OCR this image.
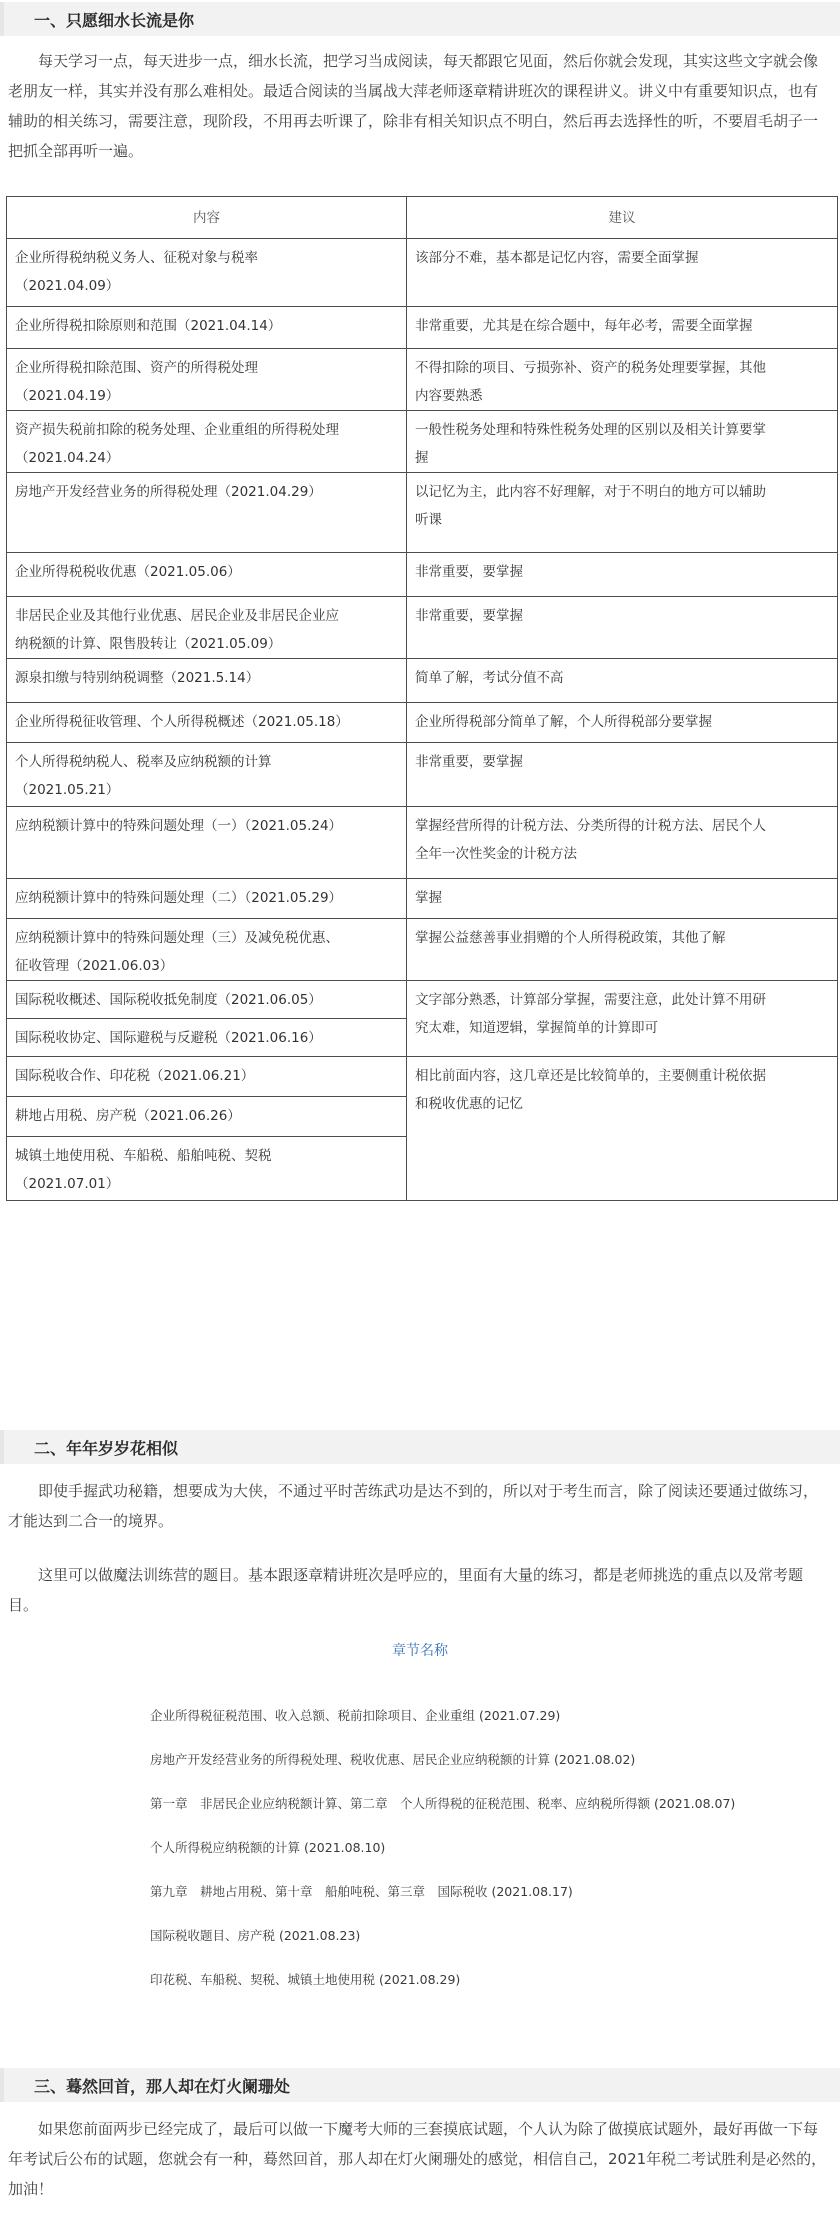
一、只愿细水长流是你

每天学习一点，每天进步一点，细水长流，把学习当成阅读，每天都跟它见面，然后你就会发现，其实这些文字就会像老朋友一样，其实并没有那么难相处。最适合阅读的当属战大萍老师逐章精讲班次的课程讲义。讲义中有重要知识点，也有辅助的相关练习，需要注意，现阶段，不用再去听课了，除非有相关知识点不明白，然后再去选择性的听，不要眉毛胡子一把抓全部再听一遍。

内容	建议

企业所得税纳税义务人、征税对象与税率
（2021.04.09）	该部分不难，基本都是记忆内容，需要全面掌握

企业所得税扣除原则和范围（2021.04.14）	非常重要，尤其是在综合题中，每年必考，需要全面掌握

企业所得税扣除范围、资产的所得税处理
（2021.04.19）	不得扣除的项目、亏损弥补、资产的税务处理要掌握，其他
内容要熟悉

资产损失税前扣除的税务处理、企业重组的所得税处理
（2021.04.24）	一般性税务处理和特殊性税务处理的区别以及相关计算要掌
握

房地产开发经营业务的所得税处理（2021.04.29）	以记忆为主，此内容不好理解，对于不明白的地方可以辅助
听课

企业所得税税收优惠（2021.05.06）	非常重要，要掌握

非居民企业及其他行业优惠、居民企业及非居民企业应
纳税额的计算、限售股转让（2021.05.09）	非常重要，要掌握

源泉扣缴与特别纳税调整（2021.5.14）	简单了解，考试分值不高

企业所得税征收管理、个人所得税概述（2021.05.18）	企业所得税部分简单了解，个人所得税部分要掌握

个人所得税纳税人、税率及应纳税额的计算
（2021.05.21）	非常重要，要掌握

应纳税额计算中的特殊问题处理（一）（2021.05.24）	掌握经营所得的计税方法、分类所得的计税方法、居民个人
全年一次性奖金的计税方法

应纳税额计算中的特殊问题处理（二）（2021.05.29）	掌握

应纳税额计算中的特殊问题处理（三）及减免税优惠、
征收管理（2021.06.03）	掌握公益慈善事业捐赠的个人所得税政策，其他了解

国际税收概述、国际税收抵免制度（2021.06.05）	文字部分熟悉，计算部分掌握，需要注意，此处计算不用研
究太难，知道逻辑，掌握简单的计算即可

国际税收协定、国际避税与反避税（2021.06.16）	

国际税收合作、印花税（2021.06.21）	相比前面内容，这几章还是比较简单的，主要侧重计税依据
和税收优惠的记忆

耕地占用税、房产税（2021.06.26）	

城镇土地使用税、车船税、船舶吨税、契税
（2021.07.01）	
二、年年岁岁花相似

即使手握武功秘籍，想要成为大侠，不通过平时苦练武功是达不到的，所以对于考生而言，除了阅读还要通过做练习，才能达到二合一的境界。

这里可以做魔法训练营的题目。基本跟逐章精讲班次是呼应的，里面有大量的练习，都是老师挑选的重点以及常考题目。

章节名称
企业所得税征税范围、收入总额、税前扣除项目、企业重组 (2021.07.29)
房地产开发经营业务的所得税处理、税收优惠、居民企业应纳税额的计算 (2021.08.02)
第一章　非居民企业应纳税额计算、第二章　个人所得税的征税范围、税率、应纳税所得额 (2021.08.07)
个人所得税应纳税额的计算 (2021.08.10)
第九章　耕地占用税、第十章　船舶吨税、第三章　国际税收 (2021.08.17)
国际税收题目、房产税 (2021.08.23)
印花税、车船税、契税、城镇土地使用税 (2021.08.29)
三、蓦然回首，那人却在灯火阑珊处

如果您前面两步已经完成了，最后可以做一下魔考大师的三套摸底试题，个人认为除了做摸底试题外，最好再做一下每年考试后公布的试题，您就会有一种，蓦然回首，那人却在灯火阑珊处的感觉，相信自己，2021年税二考试胜利是必然的，加油！
